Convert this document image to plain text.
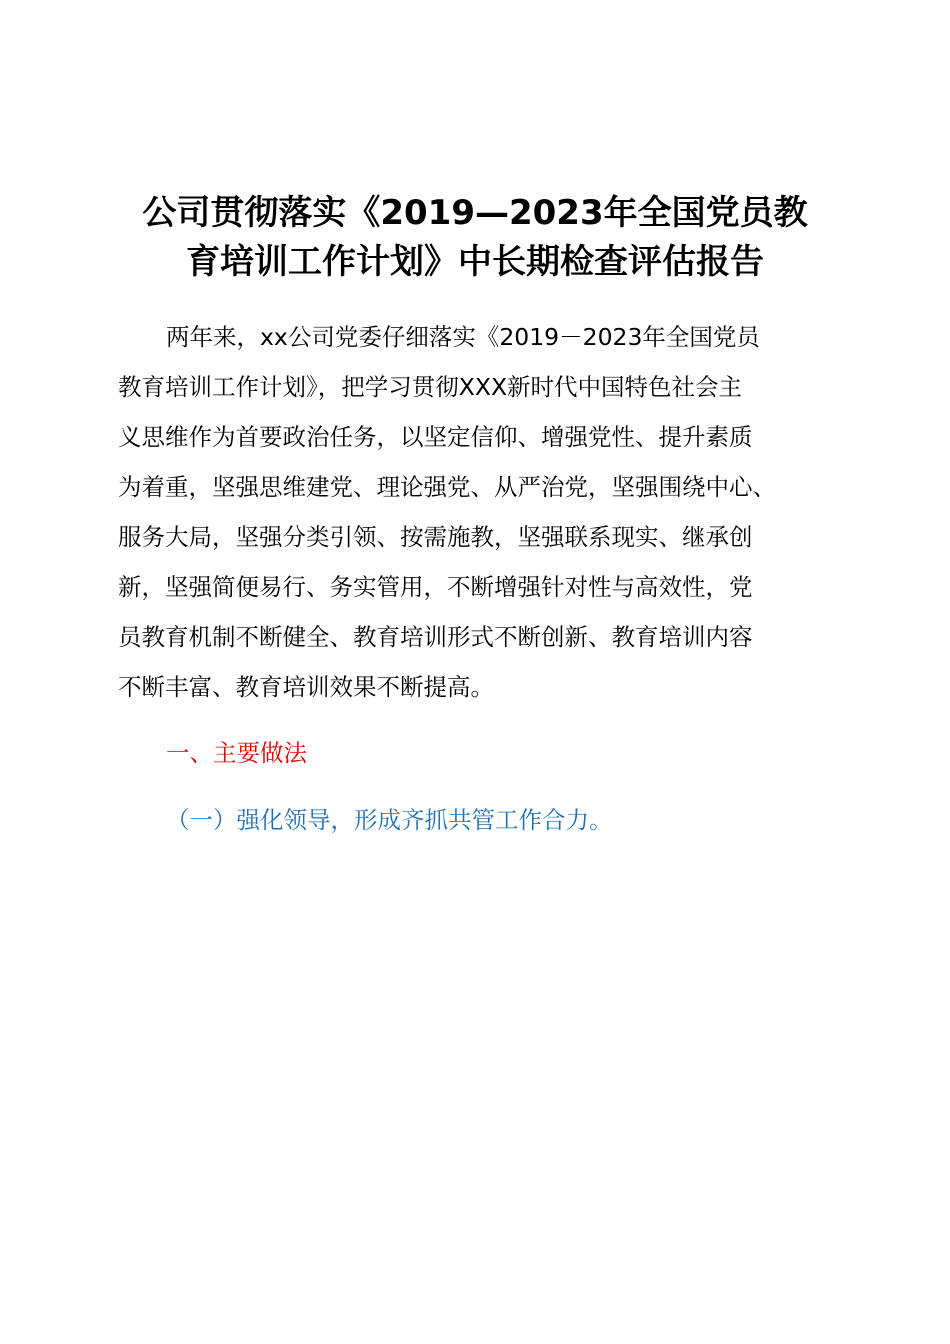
公司贯彻落实《2019—2023年全国党员教
育培训工作计划》中长期检查评估报告
两年来，xx公司党委仔细落实《2019－2023年全国党员
教育培训工作计划》，把学习贯彻XXX新时代中国特色社会主
义思维作为首要政治任务，以坚定信仰、增强党性、提升素质
为着重，坚强思维建党、理论强党、从严治党，坚强围绕中心、
服务大局，坚强分类引领、按需施教，坚强联系现实、继承创
新，坚强简便易行、务实管用，不断增强针对性与高效性，党
员教育机制不断健全、教育培训形式不断创新、教育培训内容
不断丰富、教育培训效果不断提高。
一、主要做法
（一）强化领导，形成齐抓共管工作合力。
